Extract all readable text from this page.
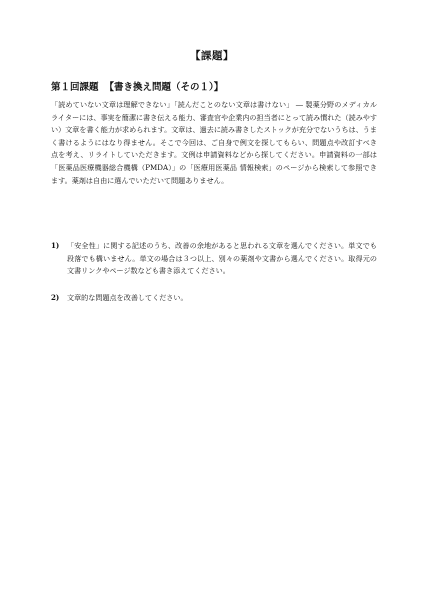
【課題】
第１回課題 【書き換え問題（その１）】

「読めていない文章は理解できない」「読んだことのない文章は書けない」 ― 製薬分野のメディカルライターには、事実を簡潔に書き伝える能力、審査官や企業内の担当者にとって読み慣れた（読みやすい）文章を書く能力が求められます。文章は、過去に読み書きしたストックが充分でないうちは、うまく書けるようにはなり得ません。そこで今回は、ご自身で例文を探してもらい、問題点や改訂すべき点を考え、リライトしていただきます。文例は申請資料などから探してください。申請資料の一部は「医薬品医療機器総合機構（PMDA）」の「医療用医薬品 情報検索」のページから検索して参照できます。薬剤は自由に選んでいただいて問題ありません。

1)	「安全性」に関する記述のうち、改善の余地があると思われる文章を選んでください。単文でも段落でも構いません。単文の場合は３つ以上、別々の薬剤や文書から選んでください。取得元の文書リンクやページ数なども書き添えてください。
2)	文章的な問題点を改善してください。
